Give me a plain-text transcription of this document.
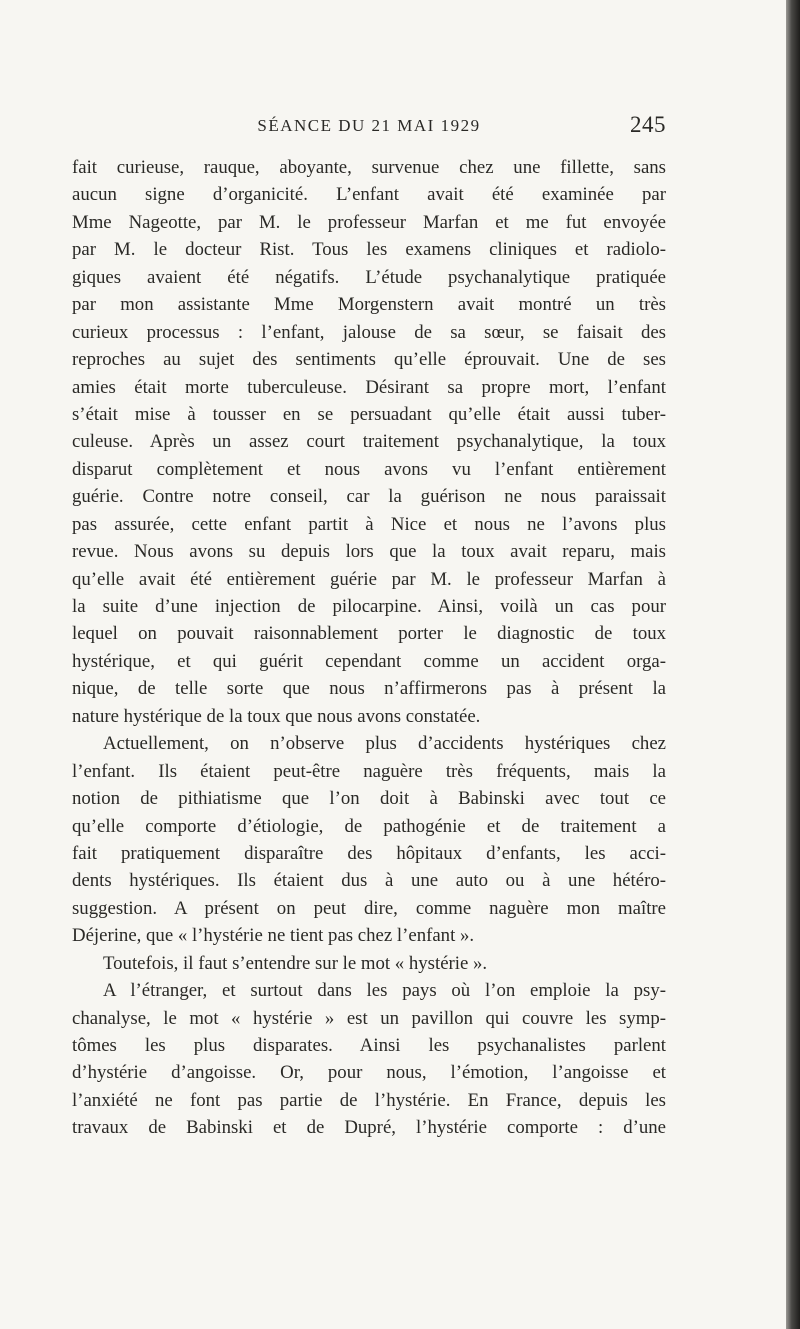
SÉANCE DU 21 MAI 1929	245
fait curieuse, rauque, aboyante, survenue chez une fillette, sans
aucun signe d’organicité. L’enfant avait été examinée par
Mme Nageotte, par M. le professeur Marfan et me fut envoyée
par M. le docteur Rist. Tous les examens cliniques et radiolo-
giques avaient été négatifs. L’étude psychanalytique pratiquée
par mon assistante Mme Morgenstern avait montré un très
curieux processus : l’enfant, jalouse de sa sœur, se faisait des
reproches au sujet des sentiments qu’elle éprouvait. Une de ses
amies était morte tuberculeuse. Désirant sa propre mort, l’enfant
s’était mise à tousser en se persuadant qu’elle était aussi tuber-
culeuse. Après un assez court traitement psychanalytique, la toux
disparut complètement et nous avons vu l’enfant entièrement
guérie. Contre notre conseil, car la guérison ne nous paraissait
pas assurée, cette enfant partit à Nice et nous ne l’avons plus
revue. Nous avons su depuis lors que la toux avait reparu, mais
qu’elle avait été entièrement guérie par M. le professeur Marfan à
la suite d’une injection de pilocarpine. Ainsi, voilà un cas pour
lequel on pouvait raisonnablement porter le diagnostic de toux
hystérique, et qui guérit cependant comme un accident orga-
nique, de telle sorte que nous n’affirmerons pas à présent la
nature hystérique de la toux que nous avons constatée.
Actuellement, on n’observe plus d’accidents hystériques chez
l’enfant. Ils étaient peut-être naguère très fréquents, mais la
notion de pithiatisme que l’on doit à Babinski avec tout ce
qu’elle comporte d’étiologie, de pathogénie et de traitement a
fait pratiquement disparaître des hôpitaux d’enfants, les acci-
dents hystériques. Ils étaient dus à une auto ou à une hétéro-
suggestion. A présent on peut dire, comme naguère mon maître
Déjerine, que « l’hystérie ne tient pas chez l’enfant ».
Toutefois, il faut s’entendre sur le mot « hystérie ».
A l’étranger, et surtout dans les pays où l’on emploie la psy-
chanalyse, le mot « hystérie » est un pavillon qui couvre les symp-
tômes les plus disparates. Ainsi les psychanalistes parlent
d’hystérie d’angoisse. Or, pour nous, l’émotion, l’angoisse et
l’anxiété ne font pas partie de l’hystérie. En France, depuis les
travaux de Babinski et de Dupré, l’hystérie comporte : d’une
